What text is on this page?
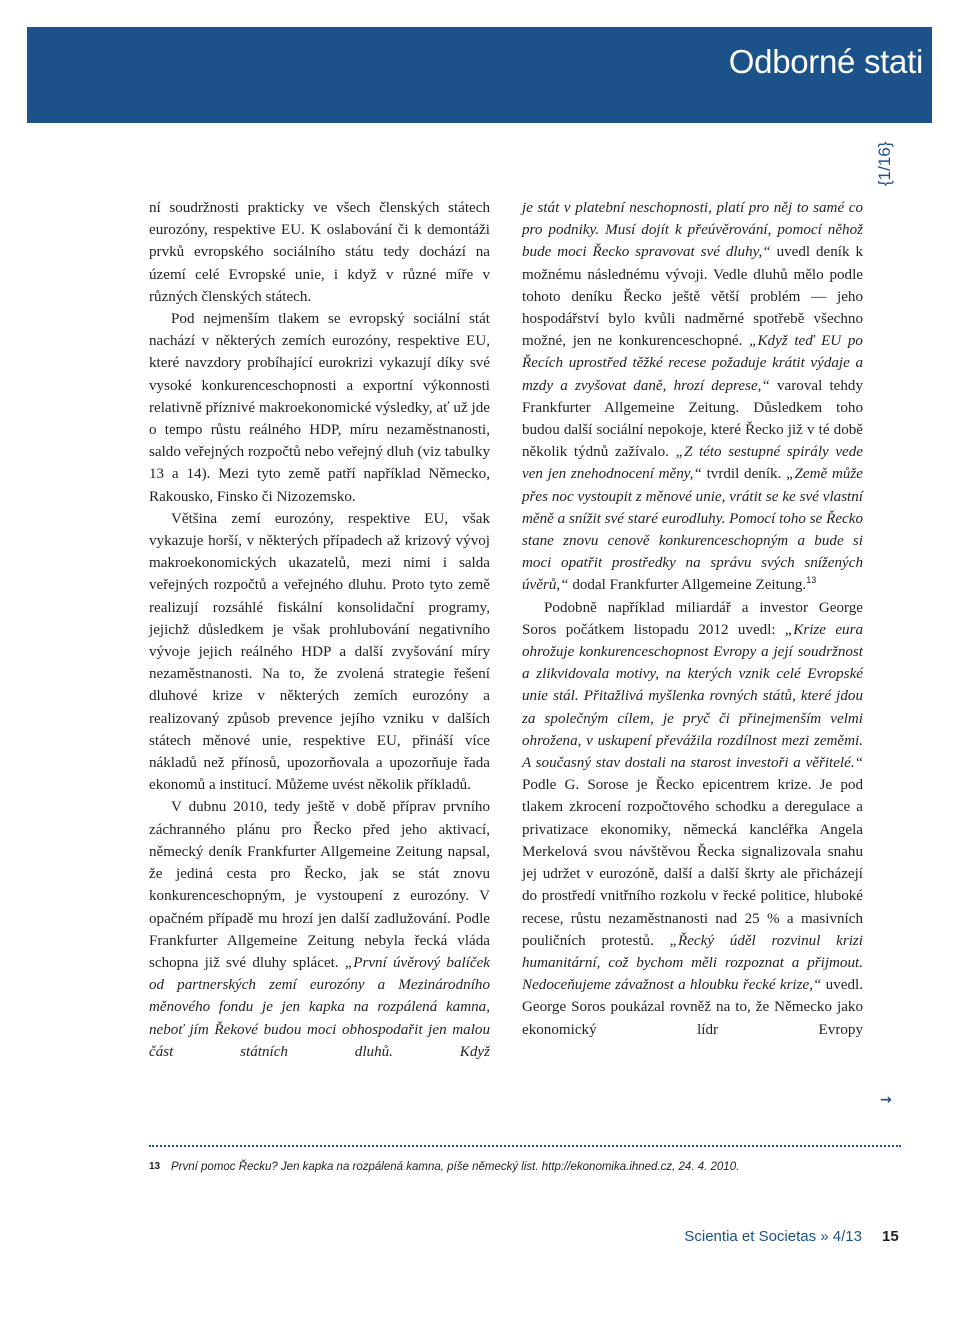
Odborné stati
{1/16}

ní soudržnosti prakticky ve všech členských státech eurozóny, respektive EU. K oslabování či k demontáži prvků evropského sociálního státu tedy dochází na území celé Evropské unie, i když v různé míře v různých členských státech.

Pod nejmenším tlakem se evropský sociální stát nachází v některých zemích eurozóny, respektive EU, které navzdory probíhající eurokrizi vykazují díky své vysoké konkurenceschopnosti a exportní výkonnosti relativně příznivé makroekonomické výsledky, ať už jde o tempo růstu reálného HDP, míru nezaměstnanosti, saldo veřejných rozpočtů nebo veřejný dluh (viz tabulky 13 a 14). Mezi tyto země patří například Německo, Rakousko, Finsko či Nizozemsko.

Většina zemí eurozóny, respektive EU, však vykazuje horší, v některých případech až krizový vývoj makroekonomických ukazatelů, mezi nimi i salda veřejných rozpočtů a veřejného dluhu. Proto tyto země realizují rozsáhlé fiskální konsolidační programy, jejichž důsledkem je však prohlubování negativního vývoje jejich reálného HDP a další zvyšování míry nezaměstnanosti. Na to, že zvolená strategie řešení dluhové krize v některých zemích eurozóny a realizovaný způsob prevence jejího vzniku v dalších státech měnové unie, respektive EU, přináší více nákladů než přínosů, upozorňovala a upozorňuje řada ekonomů a institucí. Můžeme uvést několik příkladů.

V dubnu 2010, tedy ještě v době příprav prvního záchranného plánu pro Řecko před jeho aktivací, německý deník Frankfurter Allgemeine Zeitung napsal, že jediná cesta pro Řecko, jak se stát znovu konkurenceschopným, je vystoupení z eurozóny. V opačném případě mu hrozí jen další zadlužování. Podle Frankfurter Allgemeine Zeitung nebyla řecká vláda schopna již své dluhy splácet. „První úvěrový balíček od partnerských zemí eurozóny a Mezinárodního měnového fondu je jen kapka na rozpálená kamna, neboť jím Řekové budou moci obhospodařit jen malou část státních dluhů. Když

je stát v platební neschopnosti, platí pro něj to samé co pro podniky. Musí dojít k přeúvěrování, pomocí něhož bude moci Řecko spravovat své dluhy,“ uvedl deník k možnému následnému vývoji. Vedle dluhů mělo podle tohoto deníku Řecko ještě větší problém — jeho hospodářství bylo kvůli nadměrné spotřebě všechno možné, jen ne konkurenceschopné. „Když teď EU po Řecích uprostřed těžké recese požaduje krátit výdaje a mzdy a zvyšovat daně, hrozí deprese,“ varoval tehdy Frankfurter Allgemeine Zeitung. Důsledkem toho budou další sociální nepokoje, které Řecko již v té době několik týdnů zažívalo. „Z této sestupné spirály vede ven jen znehodnocení měny,“ tvrdil deník. „Země může přes noc vystoupit z měnové unie, vrátit se ke své vlastní měně a snížit své staré eurodluhy. Pomocí toho se Řecko stane znovu cenově konkurenceschopným a bude si moci opatřit prostředky na správu svých snížených úvěrů,“ dodal Frankfurter Allgemeine Zeitung.$^{13}$

Podobně například miliardář a investor George Soros počátkem listopadu 2012 uvedl: „Krize eura ohrožuje konkurenceschopnost Evropy a její soudržnost a zlikvidovala motivy, na kterých vznik celé Evropské unie stál. Přitažlivá myšlenka rovných států, které jdou za společným cílem, je pryč či přinejmenším velmi ohrožena, v uskupení převážila rozdílnost mezi zeměmi. A současný stav dostali na starost investoři a věřitelé.“ Podle G. Sorose je Řecko epicentrem krize. Je pod tlakem zkrocení rozpočtového schodku a deregulace a privatizace ekonomiky, německá kancléřka Angela Merkelová svou návštěvou Řecka signalizovala snahu jej udržet v eurozóně, další a další škrty ale přicházejí do prostředí vnitřního rozkolu v řecké politice, hluboké recese, růstu nezaměstnanosti nad 25 % a masivních pouličních protestů. „Řecký úděl rozvinul krizi humanitární, což bychom měli rozpoznat a přijmout. Nedoceňujeme závažnost a hloubku řecké krize,“ uvedl. George Soros poukázal rovněž na to, že Německo jako ekonomický lídr Evropy

→
13 První pomoc Řecku? Jen kapka na rozpálená kamna, píše německý list. http://ekonomika.ihned.cz, 24. 4. 2010.
Scientia et Societas » 4/13 15
